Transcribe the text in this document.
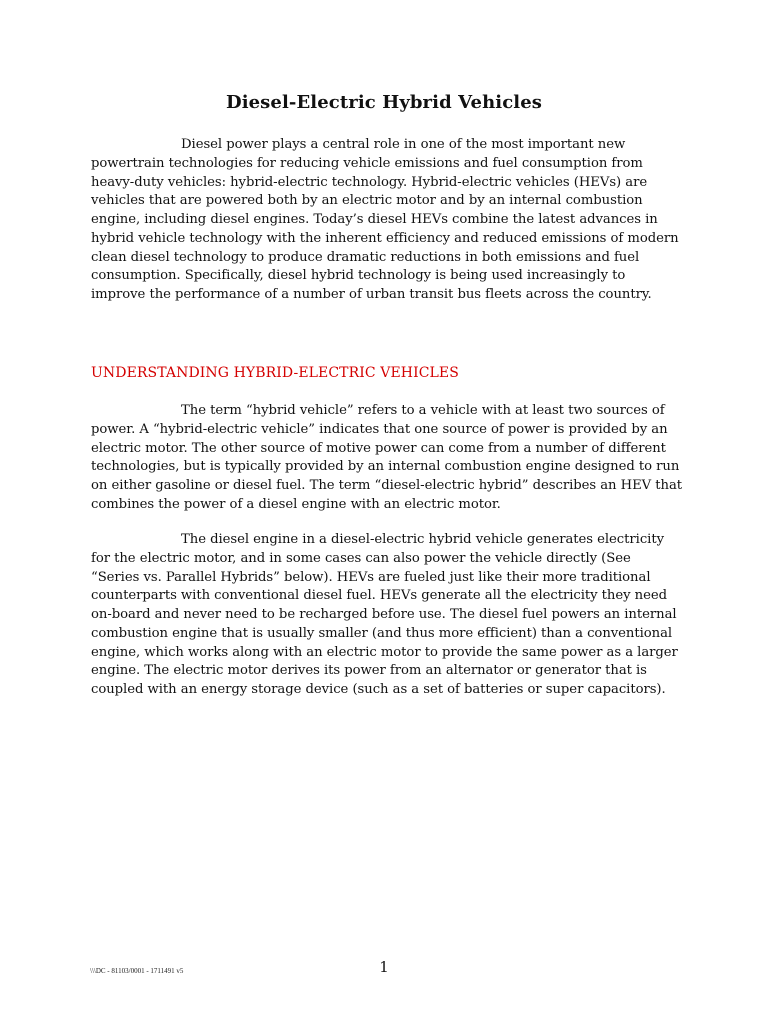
Diesel-Electric Hybrid Vehicles

Diesel power plays a central role in one of the most important new powertrain technologies for reducing vehicle emissions and fuel consumption from heavy-duty vehicles: hybrid-electric technology. Hybrid-electric vehicles (HEVs) are vehicles that are powered both by an electric motor and by an internal combustion engine, including diesel engines. Today’s diesel HEVs combine the latest advances in hybrid vehicle technology with the inherent efficiency and reduced emissions of modern clean diesel technology to produce dramatic reductions in both emissions and fuel consumption. Specifically, diesel hybrid technology is being used increasingly to improve the performance of a number of urban transit bus fleets across the country.

UNDERSTANDING HYBRID-ELECTRIC VEHICLES

The term “hybrid vehicle” refers to a vehicle with at least two sources of power. A “hybrid-electric vehicle” indicates that one source of power is provided by an electric motor. The other source of motive power can come from a number of different technologies, but is typically provided by an internal combustion engine designed to run on either gasoline or diesel fuel. The term “diesel-electric hybrid” describes an HEV that combines the power of a diesel engine with an electric motor.

The diesel engine in a diesel-electric hybrid vehicle generates electricity for the electric motor, and in some cases can also power the vehicle directly (See “Series vs. Parallel Hybrids” below). HEVs are fueled just like their more traditional counterparts with conventional diesel fuel. HEVs generate all the electricity they need on-board and never need to be recharged before use. The diesel fuel powers an internal combustion engine that is usually smaller (and thus more efficient) than a conventional engine, which works along with an electric motor to provide the same power as a larger engine. The electric motor derives its power from an alternator or generator that is coupled with an energy storage device (such as a set of batteries or super capacitors).

\\\DC - 81103/0001 - 1711491 v5	1
